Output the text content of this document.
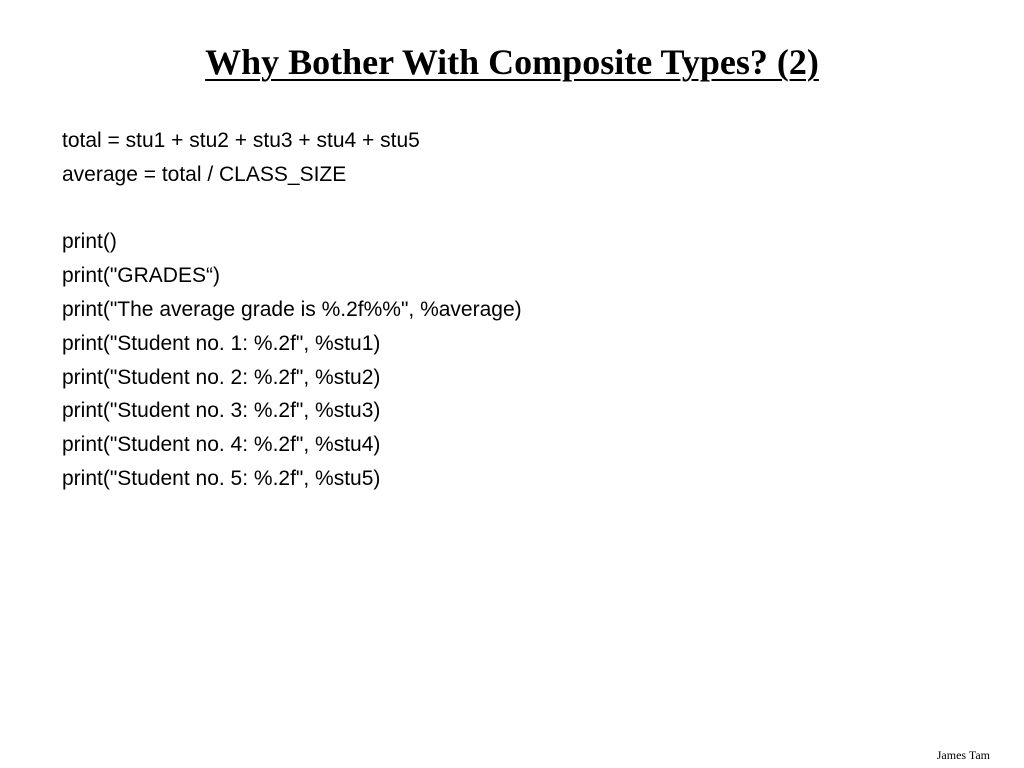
Why Bother With Composite Types? (2)
total = stu1 + stu2 + stu3 + stu4 + stu5
average = total / CLASS_SIZE
print()
print("GRADES“)
print("The average grade is %.2f%%", %average)
print("Student no. 1: %.2f", %stu1)
print("Student no. 2: %.2f", %stu2)
print("Student no. 3: %.2f", %stu3)
print("Student no. 4: %.2f", %stu4)
print("Student no. 5: %.2f", %stu5)
James Tam
